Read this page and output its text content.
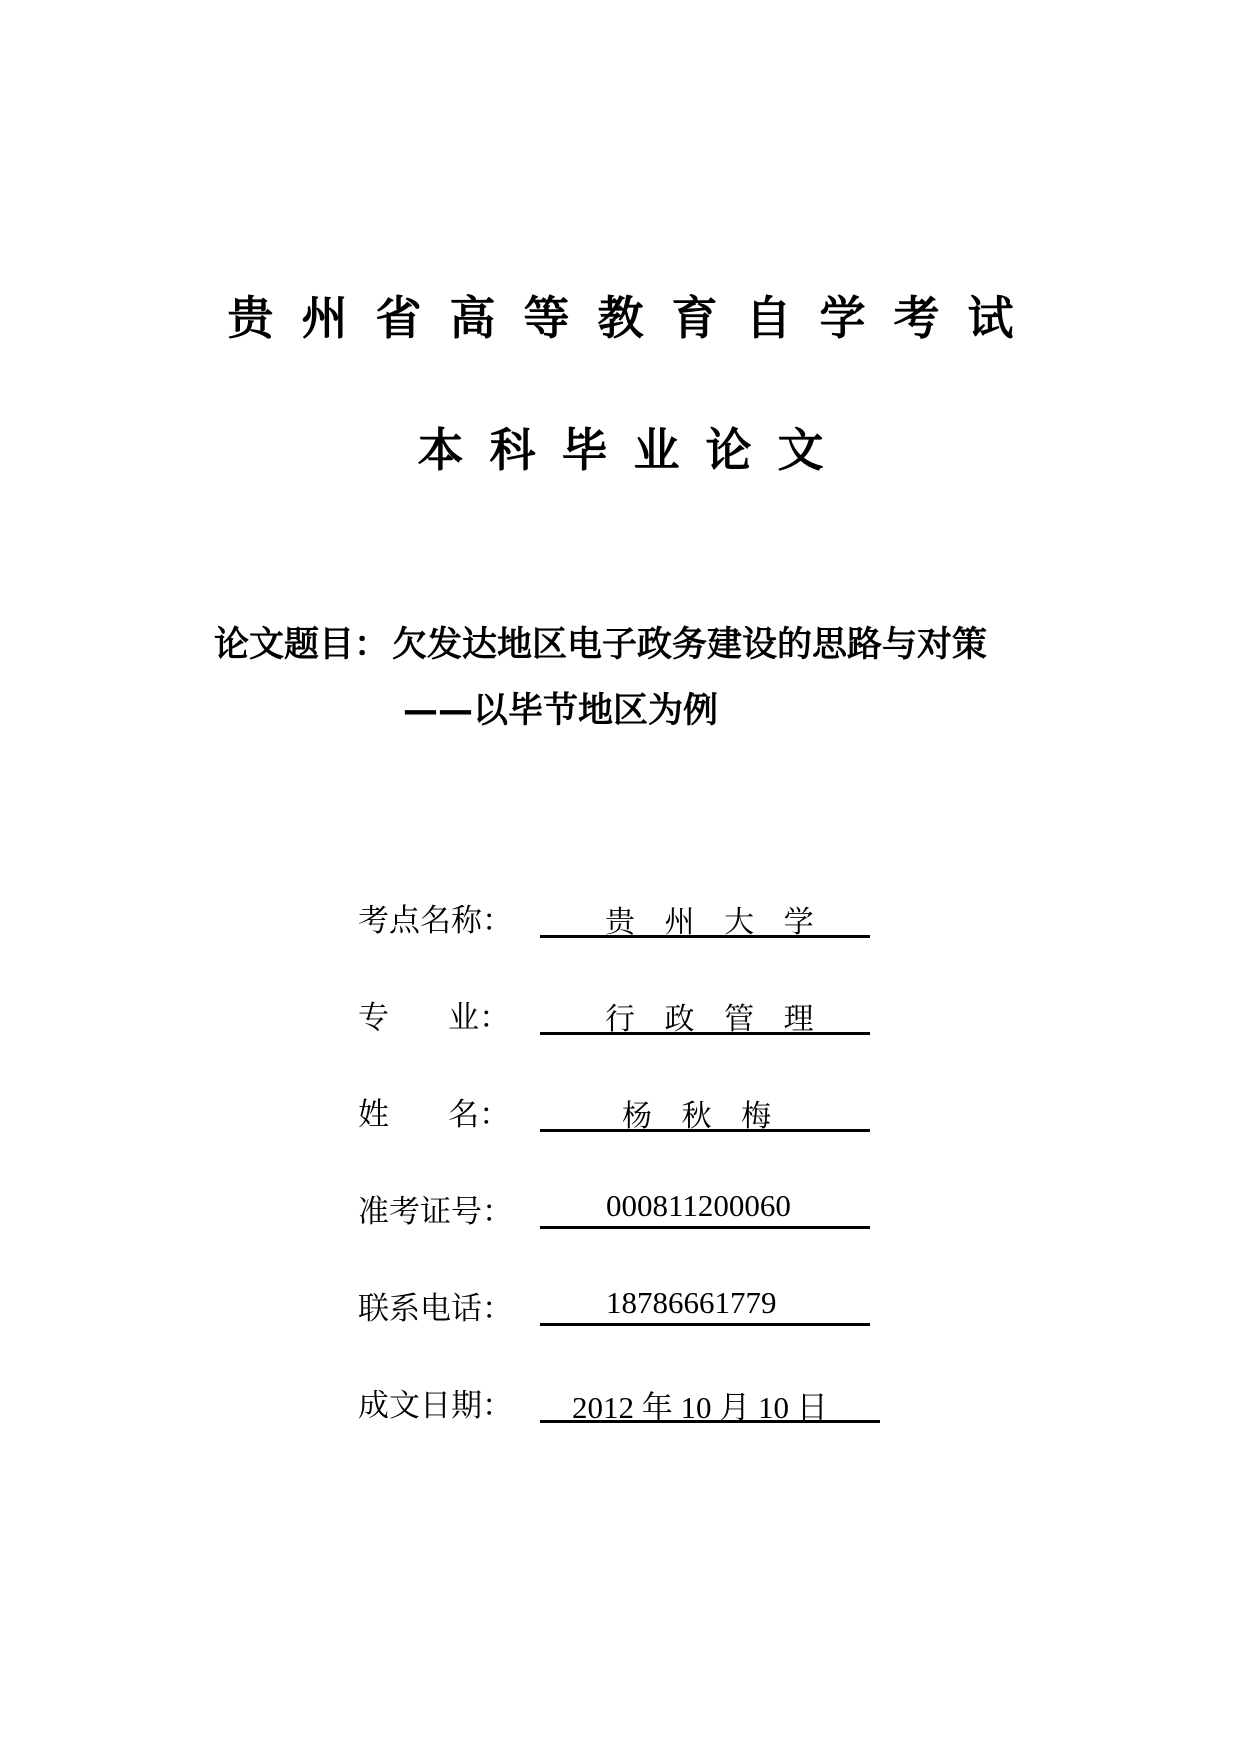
贵州省高等教育自学考试
本科毕业论文
论文题目： 欠发达地区电子政务建设的思路与对策
——以毕节地区为例
考点名称：	贵 州 大 学
专      业：	行 政 管 理
姓      名：	杨 秋 梅
准考证号：	000811200060
联系电话：	18786661779
成文日期： 2012 年 10 月 10 日
